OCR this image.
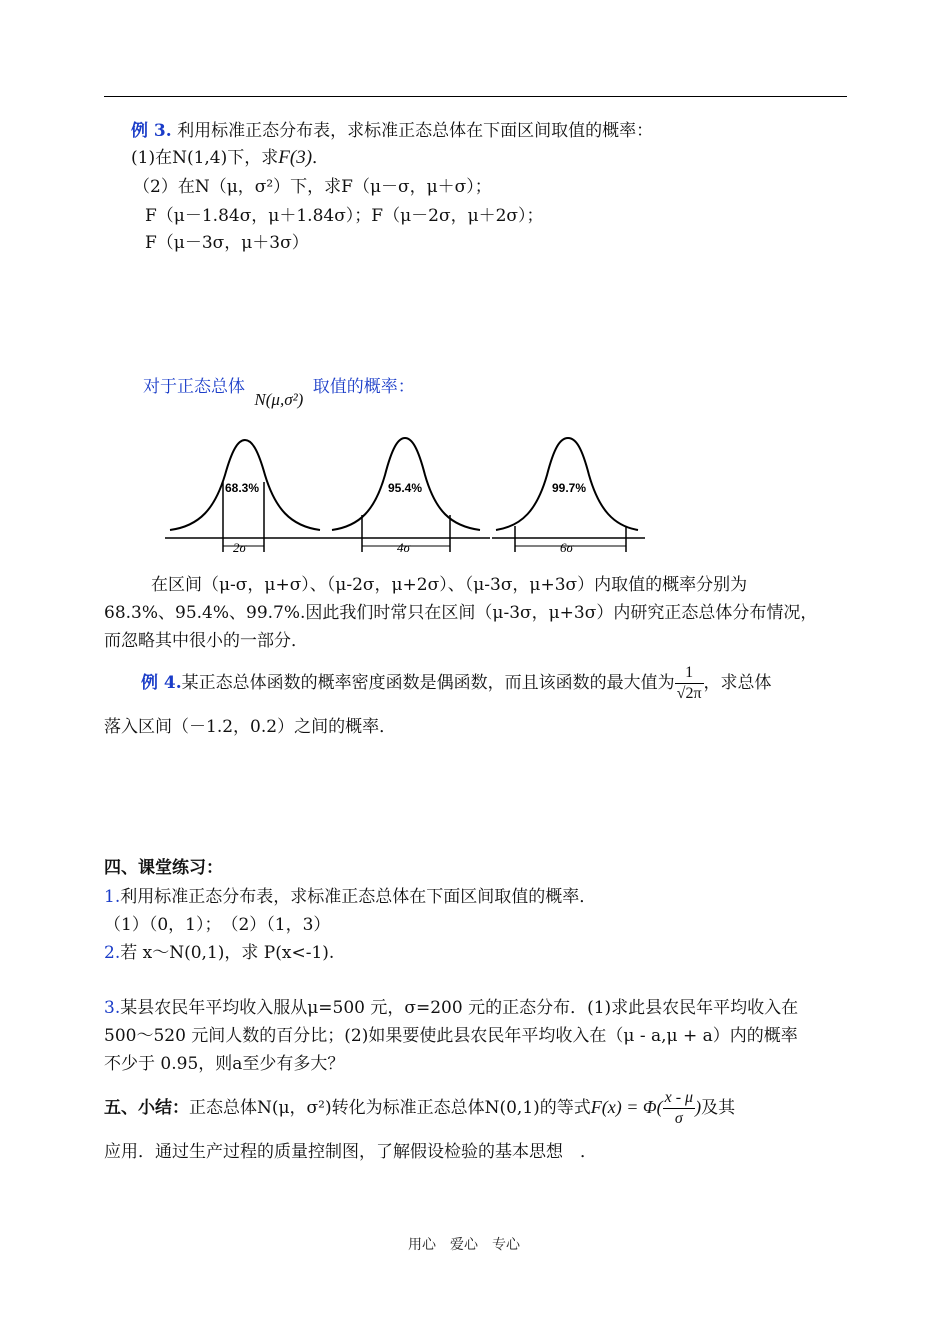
例 3. 利用标准正态分布表，求标准正态总体在下面区间取值的概率：
(1)在N(1,4)下，求F(3)．
（2）在N（μ，σ²）下，求F（μ－σ，μ＋σ）；
F（μ－1.84σ，μ＋1.84σ）；F（μ－2σ，μ＋2σ）；
F（μ－3σ，μ＋3σ）
对于正态总体 N(μ,σ²) 取值的概率：
68.3%
2σ
95.4%
4σ
99.7%
6σ
在区间（μ-σ，μ+σ）、（μ-2σ，μ+2σ）、（μ-3σ，μ+3σ）内取值的概率分别为
68.3%、95.4%、99.7%.因此我们时常只在区间（μ-3σ，μ+3σ）内研究正态总体分布情况，
而忽略其中很小的一部分．
例 4.某正态总体函数的概率密度函数是偶函数，而且该函数的最大值为 $\frac{1}{√2\pi}$ ，求总体
落入区间（－1.2，0.2）之间的概率．
四、课堂练习：
1.利用标准正态分布表，求标准正态总体在下面区间取值的概率．
（1）（0，1）；　（2）（1，3）
2.若 x～N(0,1)，求 P(x<-1).
3.某县农民年平均收入服从μ=500 元，σ=200 元的正态分布．(1)求此县农民年平均收入在
500～520 元间人数的百分比；(2)如果要使此县农民年平均收入在（μ - a,μ + a）内的概率
不少于 0.95，则a至少有多大？
五、小结：正态总体N(μ，σ²)转化为标准正态总体N(0,1)的等式$F(x) = \Phi( \frac{x - \mu}{\sigma}$ )及其
应用．通过生产过程的质量控制图，了解假设检验的基本思想　．
用心　爱心　专心
